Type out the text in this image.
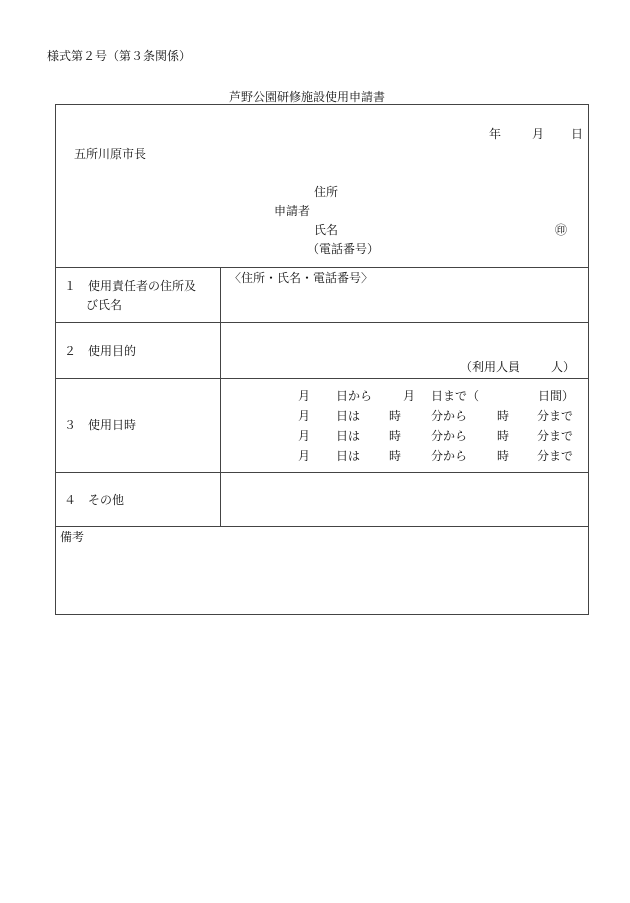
様式第２号（第３条関係）
芦野公園研修施設使用申請書
年	月 日
五所川原市長
住所
申請者
氏名	㊞
（電話番号）
１　使用責任者の住所及
び氏名
〈住所・氏名・電話番号〉
２　使用目的
（利用人員	人）
３　使用日時
月 日から	月 日まで（	日間）
月 日は 時 分から 時 分まで
月 日は 時 分から 時 分まで
月 日は 時 分から 時 分まで
４　その他
備考
